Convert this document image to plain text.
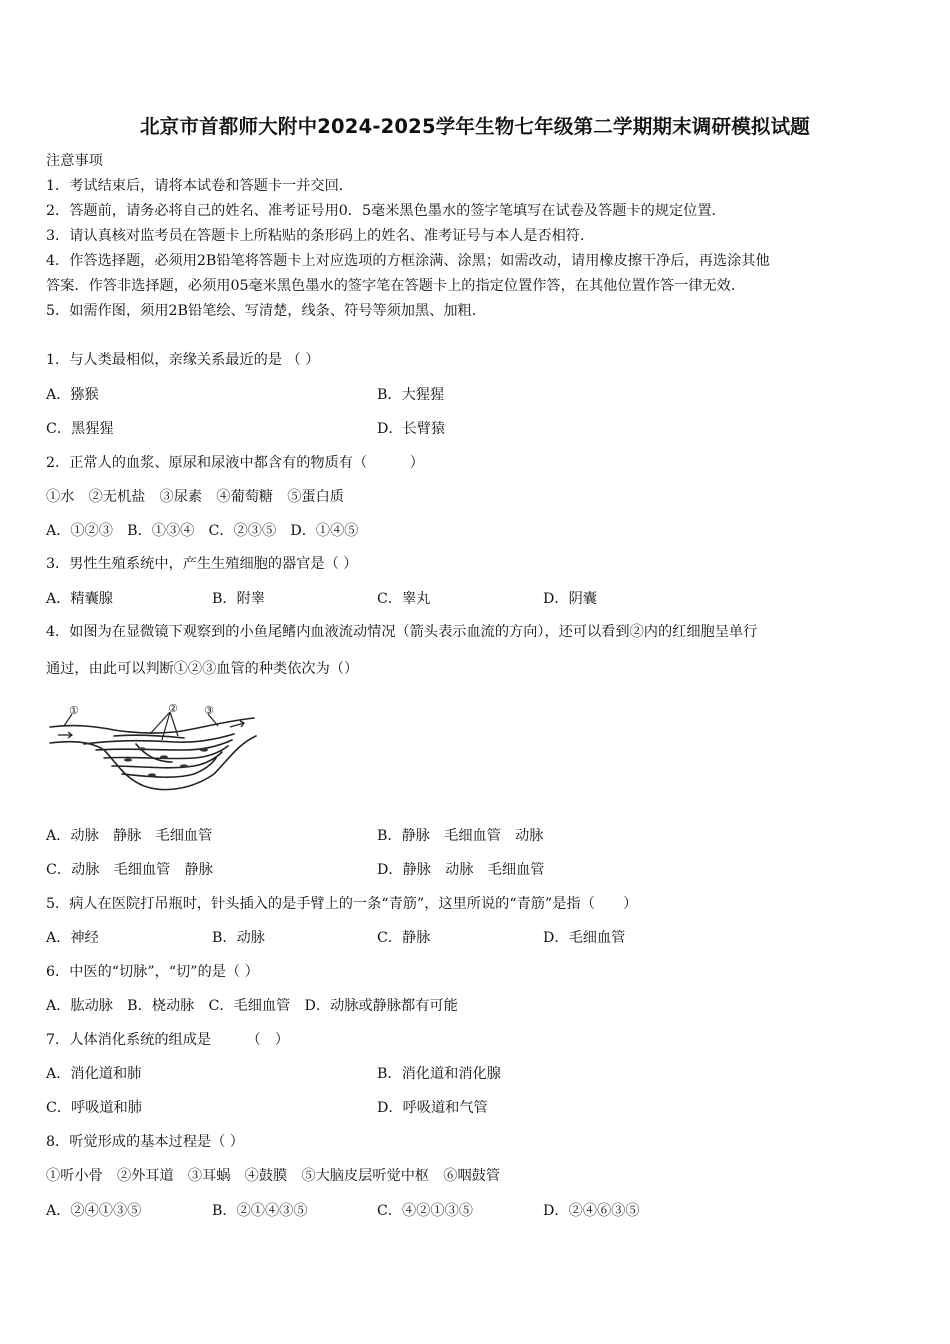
北京市首都师大附中2024-2025学年生物七年级第二学期期末调研模拟试题
注意事项
1．考试结束后，请将本试卷和答题卡一并交回．
2．答题前，请务必将自己的姓名、准考证号用0．5毫米黑色墨水的签字笔填写在试卷及答题卡的规定位置．
3．请认真核对监考员在答题卡上所粘贴的条形码上的姓名、准考证号与本人是否相符．
4．作答选择题，必须用2B铅笔将答题卡上对应选项的方框涂满、涂黑；如需改动，请用橡皮擦干净后，再选涂其他
答案．作答非选择题，必须用05毫米黑色墨水的签字笔在答题卡上的指定位置作答，在其他位置作答一律无效．
5．如需作图，须用2B铅笔绘、写清楚，线条、符号等须加黑、加粗．
1．与人类最相似，亲缘关系最近的是 （ ）
A．猕猴	B．大猩猩
C．黑猩猩	D．长臂猿
2．正常人的血浆、原尿和尿液中都含有的物质有（　　　）
①水　②无机盐　③尿素　④葡萄糖　⑤蛋白质
A．①②③　B．①③④　C．②③⑤　D．①④⑤
3．男性生殖系统中，产生生殖细胞的器官是（ ）
A．精囊腺	B．附睾	C．睾丸	D．阴囊
4．如图为在显微镜下观察到的小鱼尾鳍内血液流动情况（箭头表示血流的方向），还可以看到②内的红细胞呈单行
通过，由此可以判断①②③血管的种类依次为（）
①	② ③
A．动脉　静脉　毛细血管	B．静脉　毛细血管　动脉
C．动脉　毛细血管　静脉	D．静脉　动脉　毛细血管
5．病人在医院打吊瓶时，针头插入的是手臂上的一条“青筋”，这里所说的“青筋”是指（　　）
A．神经	B．动脉	C．静脉	D．毛细血管
6．中医的“切脉”，“切”的是（ ）
A．肱动脉　B．桡动脉　C．毛细血管　D．动脉或静脉都有可能
7．人体消化系统的组成是　　　（　）
A．消化道和肺	B．消化道和消化腺
C．呼吸道和肺	D．呼吸道和气管
8．听觉形成的基本过程是（ ）
①听小骨　②外耳道　③耳蜗　④鼓膜　⑤大脑皮层听觉中枢　⑥咽鼓管
A．②④①③⑤	B．②①④③⑤	C．④②①③⑤	D．②④⑥③⑤
